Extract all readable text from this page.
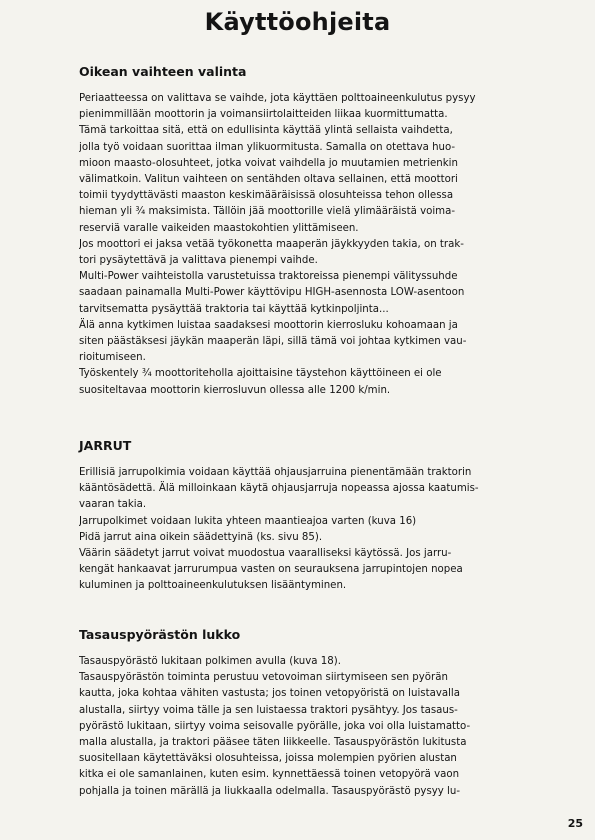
Käyttöohjeita
Oikean vaihteen valinta
Periaatteessa on valittava se vaihde, jota käyttäen polttoaineenkulutus pysyy
pienimmillään moottorin ja voimansiirtolaitteiden liikaa kuormittumatta.
Tämä tarkoittaa sitä, että on edullisinta käyttää ylintä sellaista vaihdetta,
jolla työ voidaan suorittaa ilman ylikuormitusta. Samalla on otettava huo-
mioon maasto-olosuhteet, jotka voivat vaihdella jo muutamien metrienkin
välimatkoin. Valitun vaihteen on sentähden oltava sellainen, että moottori
toimii tyydyttävästi maaston keskimääräisissä olosuhteissa tehon ollessa
hieman yli ¾ maksimista. Tällöin jää moottorille vielä ylimääräistä voima-
reserviä varalle vaikeiden maastokohtien ylittämiseen.
Jos moottori ei jaksa vetää työkonetta maaperän jäykkyyden takia, on trak-
tori pysäytettävä ja valittava pienempi vaihde.
Multi-Power vaihteistolla varustetuissa traktoreissa pienempi välityssuhde
saadaan painamalla Multi-Power käyttövipu HIGH-asennosta LOW-asentoon
tarvitsematta pysäyttää traktoria tai käyttää kytkinpoljinta...
Älä anna kytkimen luistaa saadaksesi moottorin kierrosluku kohoamaan ja
siten päästäksesi jäykän maaperän läpi, sillä tämä voi johtaa kytkimen vau-
rioitumiseen.
Työskentely ¾ moottoriteholla ajoittaisine täystehon käyttöineen ei ole
suositeltavaa moottorin kierrosluvun ollessa alle 1200 k/min.
JARRUT
Erillisiä jarrupolkimia voidaan käyttää ohjausjarruina pienentämään traktorin
kääntösädettä. Älä milloinkaan käytä ohjausjarruja nopeassa ajossa kaatumis-
vaaran takia.
Jarrupolkimet voidaan lukita yhteen maantieajoa varten (kuva 16)
Pidä jarrut aina oikein säädettyinä (ks. sivu 85).
Väärin säädetyt jarrut voivat muodostua vaaralliseksi käytössä. Jos jarru-
kengät hankaavat jarrurumpua vasten on seurauksena jarrupintojen nopea
kuluminen ja polttoaineenkulutuksen lisääntyminen.
Tasauspyörästön lukko
Tasauspyörästö lukitaan polkimen avulla (kuva 18).
Tasauspyörästön toiminta perustuu vetovoiman siirtymiseen sen pyörän
kautta, joka kohtaa vähiten vastusta; jos toinen vetopyöristä on luistavalla
alustalla, siirtyy voima tälle ja sen luistaessa traktori pysähtyy. Jos tasaus-
pyörästö lukitaan, siirtyy voima seisovalle pyörälle, joka voi olla luistamatto-
malla alustalla, ja traktori pääsee täten liikkeelle. Tasauspyörästön lukitusta
suositellaan käytettäväksi olosuhteissa, joissa molempien pyörien alustan
kitka ei ole samanlainen, kuten esim. kynnettäessä toinen vetopyörä vaon
pohjalla ja toinen märällä ja liukkaalla odelmalla. Tasauspyörästö pysyy lu-
25
